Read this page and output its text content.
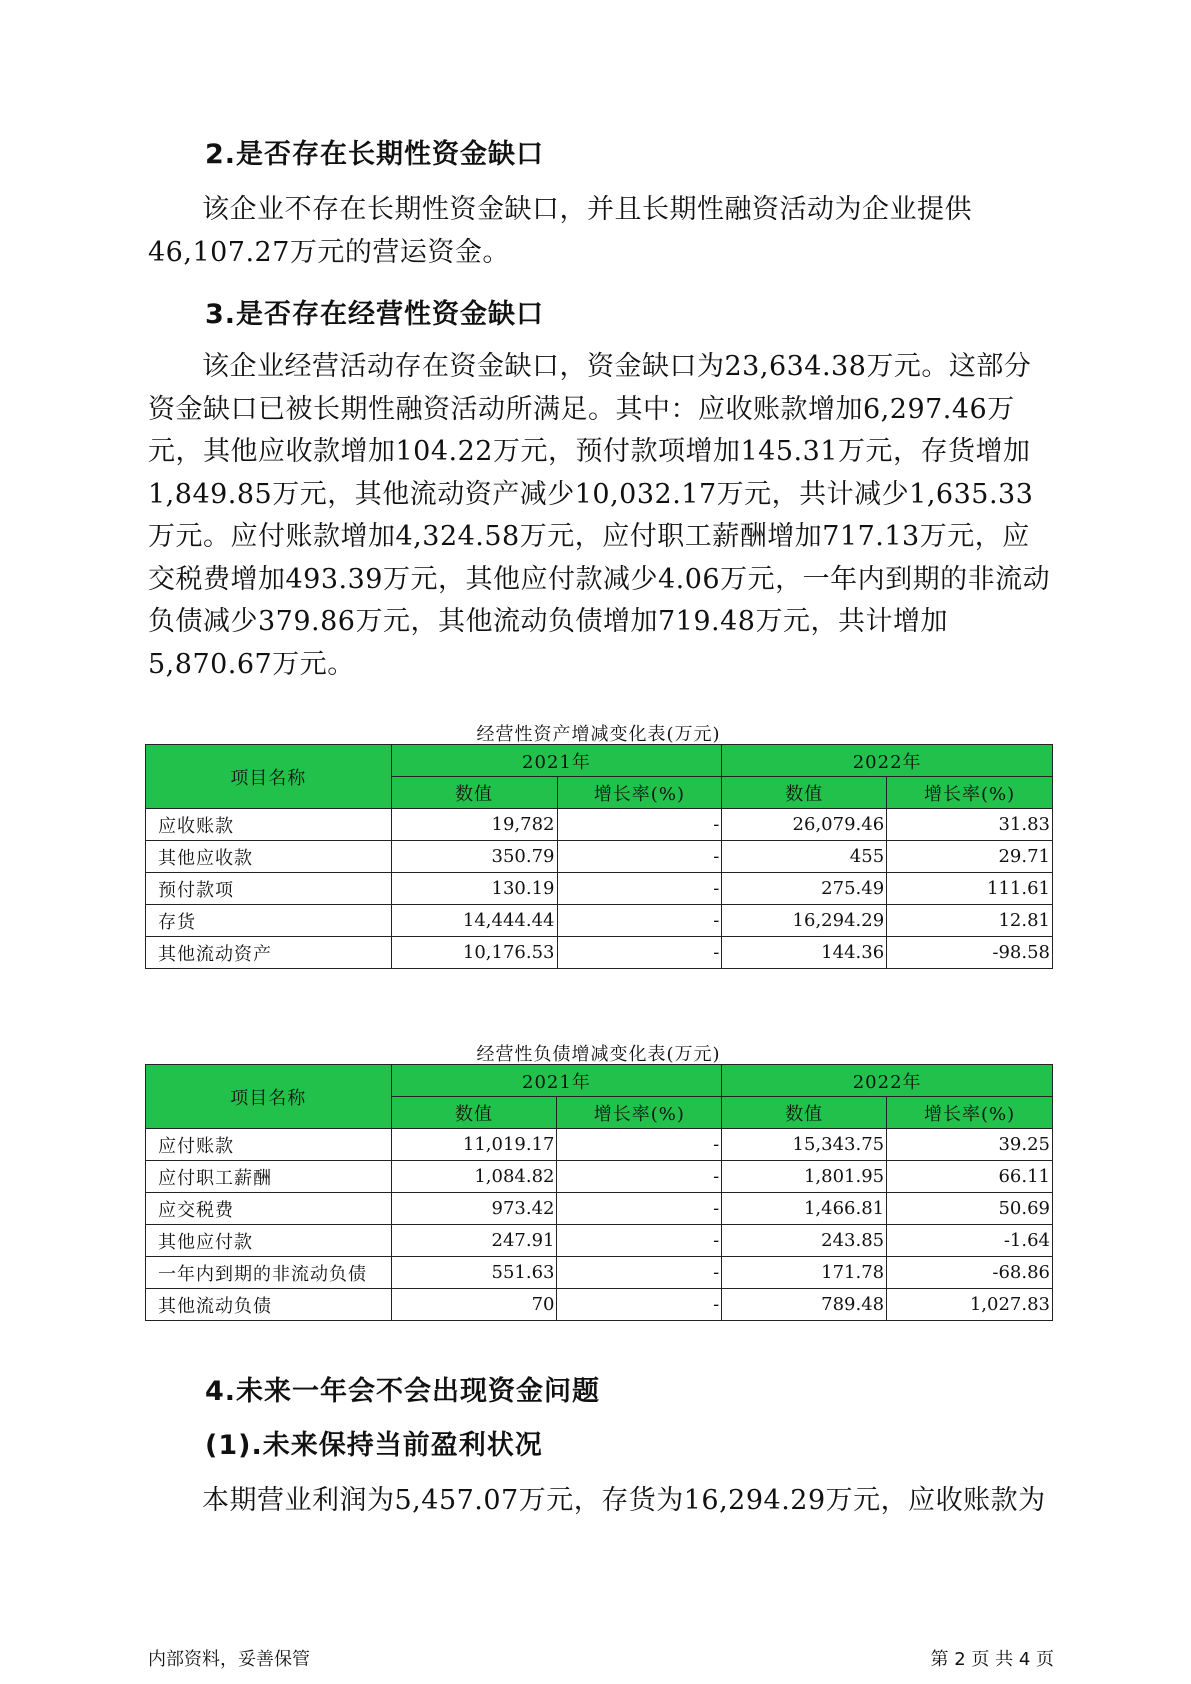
2.是否存在长期性资金缺口

该企业不存在长期性资金缺口，并且长期性融资活动为企业提供46,107.27万元的营运资金。

3.是否存在经营性资金缺口

该企业经营活动存在资金缺口，资金缺口为23,634.38万元。这部分资金缺口已被长期性融资活动所满足。其中：应收账款增加6,297.46万元，其他应收款增加104.22万元，预付款项增加145.31万元，存货增加1,849.85万元，其他流动资产减少10,032.17万元，共计减少1,635.33万元。应付账款增加4,324.58万元，应付职工薪酬增加717.13万元，应交税费增加493.39万元，其他应付款减少4.06万元，一年内到期的非流动负债减少379.86万元，其他流动负债增加719.48万元，共计增加5,870.67万元。

经营性资产增减变化表(万元)
项目名称	2021年		2022年	
	数值	增长率(%)	数值	增长率(%)
应收账款	19,782	-	26,079.46	31.83
其他应收款	350.79	-	455	29.71
预付款项	130.19	-	275.49	111.61
存货	14,444.44	-	16,294.29	12.81
其他流动资产	10,176.53	-	144.36	-98.58
经营性负债增减变化表(万元)
项目名称	2021年		2022年	
	数值	增长率(%)	数值	增长率(%)
应付账款	11,019.17	-	15,343.75	39.25
应付职工薪酬	1,084.82	-	1,801.95	66.11
应交税费	973.42	-	1,466.81	50.69
其他应付款	247.91	-	243.85	-1.64
一年内到期的非流动负债	551.63	-	171.78	-68.86
其他流动负债	70	-	789.48	1,027.83
4.未来一年会不会出现资金问题
(1).未来保持当前盈利状况

本期营业利润为5,457.07万元，存货为16,294.29万元，应收账款为

内部资料，妥善保管	第 2 页 共 4 页
